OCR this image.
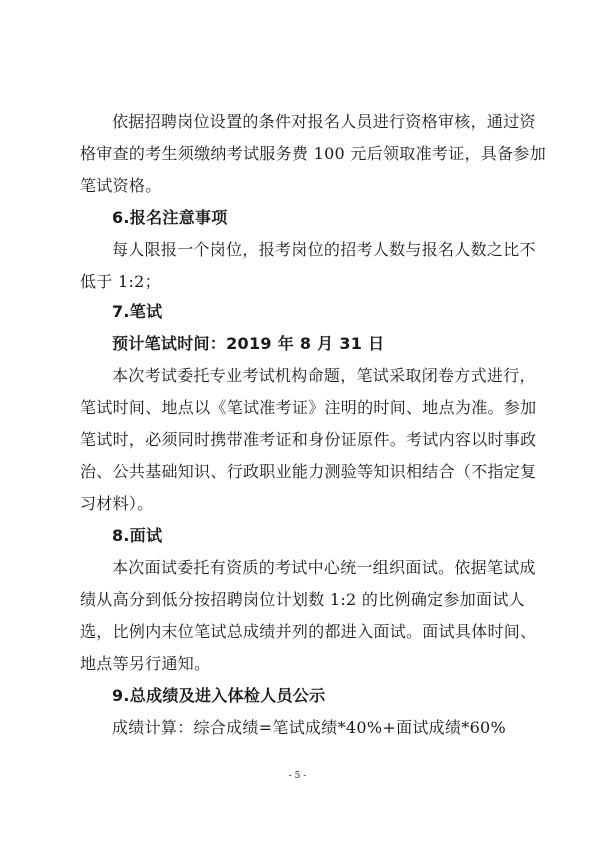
依据招聘岗位设置的条件对报名人员进行资格审核，通过资
格审查的考生须缴纳考试服务费 100 元后领取准考证，具备参加
笔试资格。
6.报名注意事项
每人限报一个岗位，报考岗位的招考人数与报名人数之比不
低于 1:2；
7.笔试
预计笔试时间：2019 年 8 月 31 日
本次考试委托专业考试机构命题，笔试采取闭卷方式进行，
笔试时间、地点以《笔试准考证》注明的时间、地点为准。参加
笔试时，必须同时携带准考证和身份证原件。考试内容以时事政
治、公共基础知识、行政职业能力测验等知识相结合（不指定复
习材料）。
8.面试
本次面试委托有资质的考试中心统一组织面试。依据笔试成
绩从高分到低分按招聘岗位计划数 1:2 的比例确定参加面试人
选，比例内末位笔试总成绩并列的都进入面试。面试具体时间、
地点等另行通知。
9.总成绩及进入体检人员公示
成绩计算：综合成绩=笔试成绩*40%+面试成绩*60%
- 5 -
